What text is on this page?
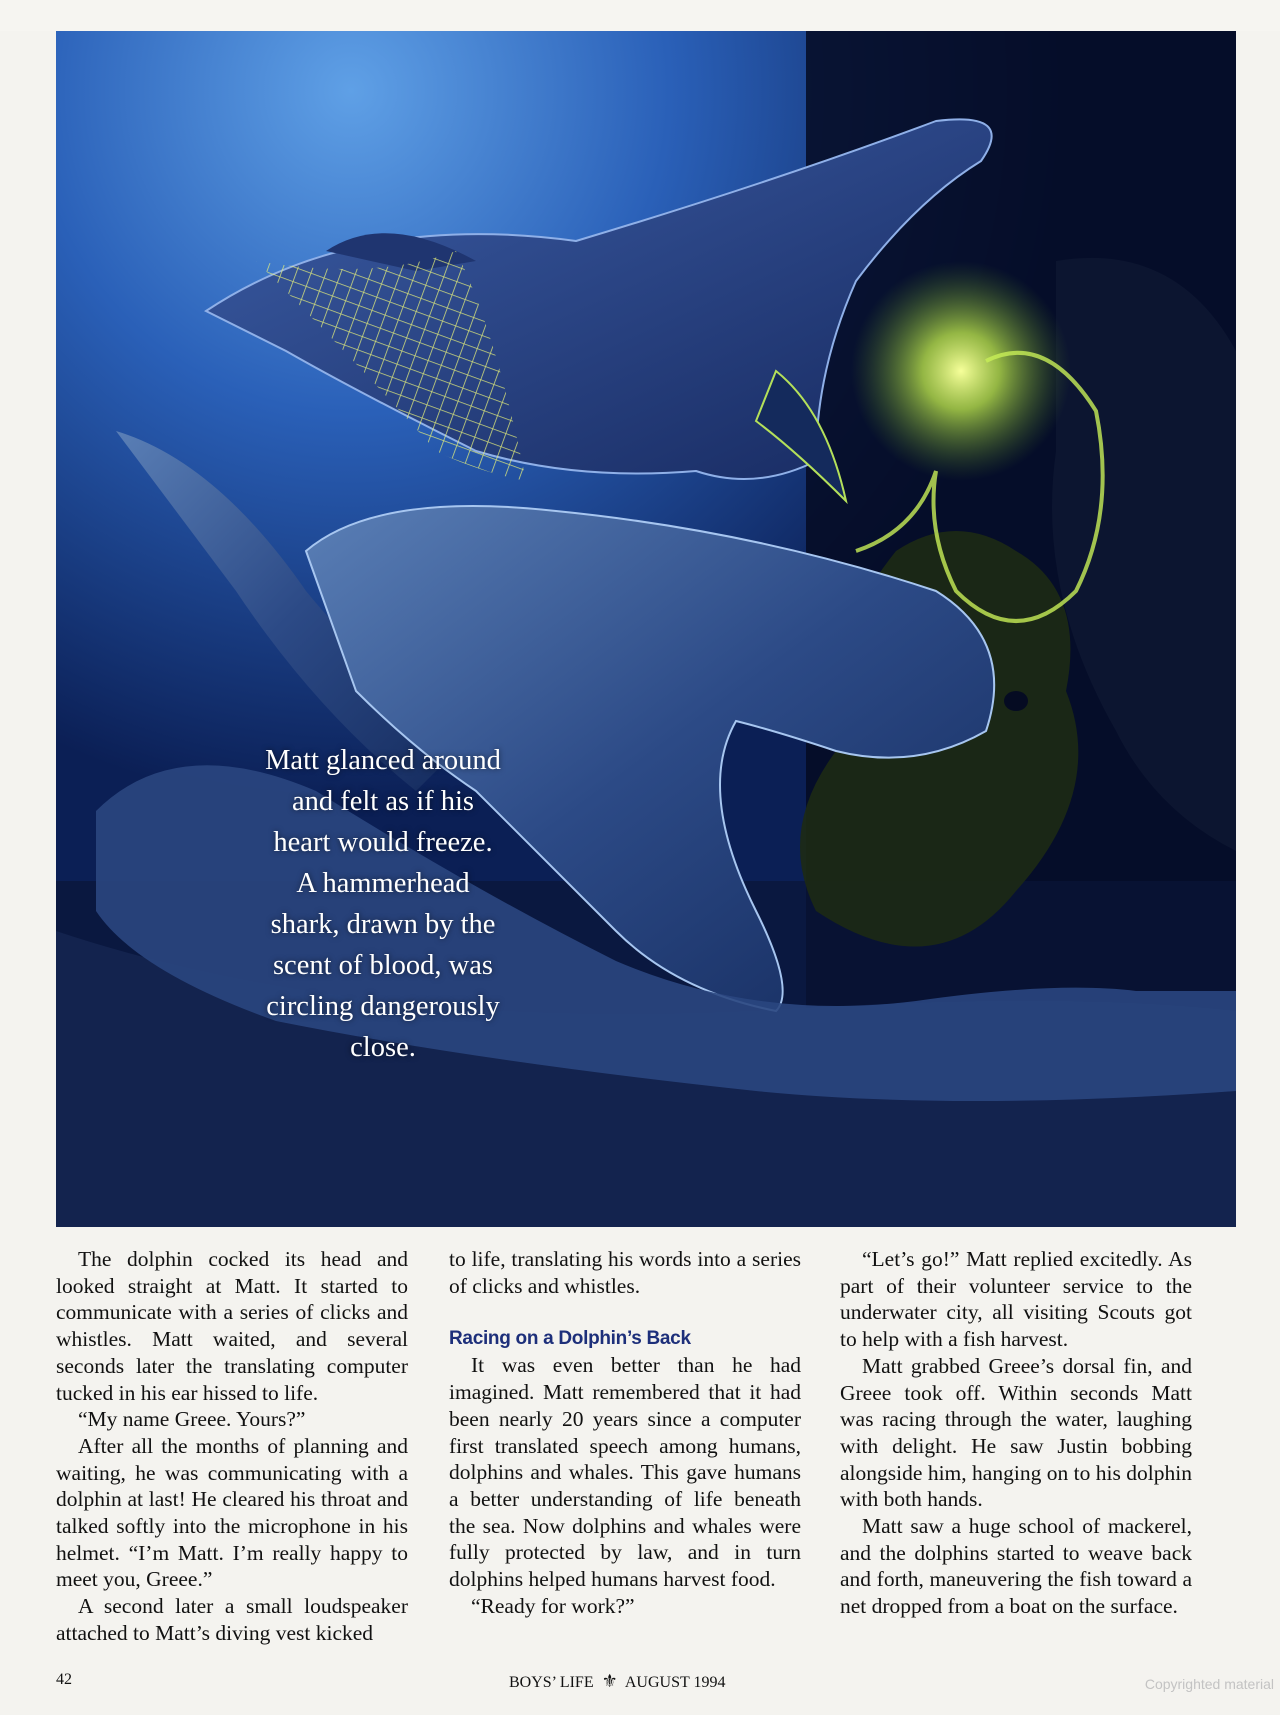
Matt glanced around
and felt as if his
heart would freeze.
A hammerhead
shark, drawn by the
scent of blood, was
circling dangerously
close.

The dolphin cocked its head and looked straight at Matt. It started to communicate with a series of clicks and whistles. Matt waited, and several seconds later the translating computer tucked in his ear hissed to life.

“My name Greee. Yours?”

After all the months of planning and waiting, he was communicating with a dolphin at last! He cleared his throat and talked softly into the microphone in his helmet. “I’m Matt. I’m really happy to meet you, Greee.”

A second later a small loudspeaker attached to Matt’s diving vest kicked

to life, translating his words into a series of clicks and whistles.

Racing on a Dolphin’s Back

It was even better than he had imagined. Matt remembered that it had been nearly 20 years since a computer first translated speech among humans, dolphins and whales. This gave humans a better understanding of life beneath the sea. Now dolphins and whales were fully protected by law, and in turn dolphins helped humans harvest food.

“Ready for work?”

“Let’s go!” Matt replied excitedly. As part of their volunteer service to the underwater city, all visiting Scouts got to help with a fish harvest.

Matt grabbed Greee’s dorsal fin, and Greee took off. Within seconds Matt was racing through the water, laughing with delight. He saw Justin bobbing alongside him, hanging on to his dolphin with both hands.

Matt saw a huge school of mackerel, and the dolphins started to weave back and forth, maneuvering the fish toward a net dropped from a boat on the surface.

42	BOYS’ LIFE ⚜ AUGUST 1994	Copyrighted material
